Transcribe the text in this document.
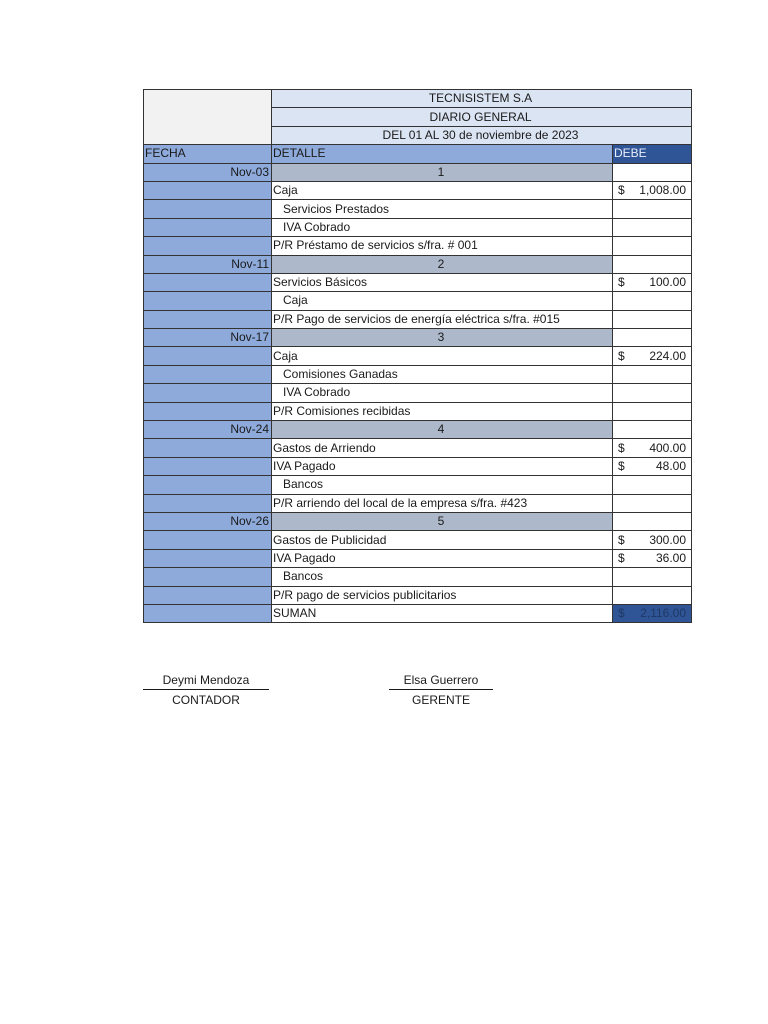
	TECNISISTEM S.A	
	DIARIO GENERAL	
	DEL 01 AL 30 de noviembre de 2023	
FECHA	DETALLE	DEBE
Nov-03	1	
	Caja	$ 1,008.00

	Servicios Prestados	
	IVA Cobrado	
	P/R Préstamo de servicios s/fra. # 001	
Nov-11	2	
	Servicios Básicos	$ 100.00

	Caja	
	P/R Pago de servicios de energía eléctrica s/fra. #015	
Nov-17	3	
	Caja	$ 224.00

	Comisiones Ganadas	
	IVA Cobrado	
	P/R Comisiones recibidas	
Nov-24	4	
	Gastos de Arriendo	$ 400.00

	IVA Pagado	$ 48.00

	Bancos	
	P/R arriendo del local de la empresa s/fra. #423	
Nov-26	5	
	Gastos de Publicidad	$ 300.00

	IVA Pagado	$ 36.00

	Bancos	
	P/R pago de servicios publicitarios	
	SUMAN	$ 2,116.00
Deymi Mendoza
CONTADOR
Elsa Guerrero
GERENTE
